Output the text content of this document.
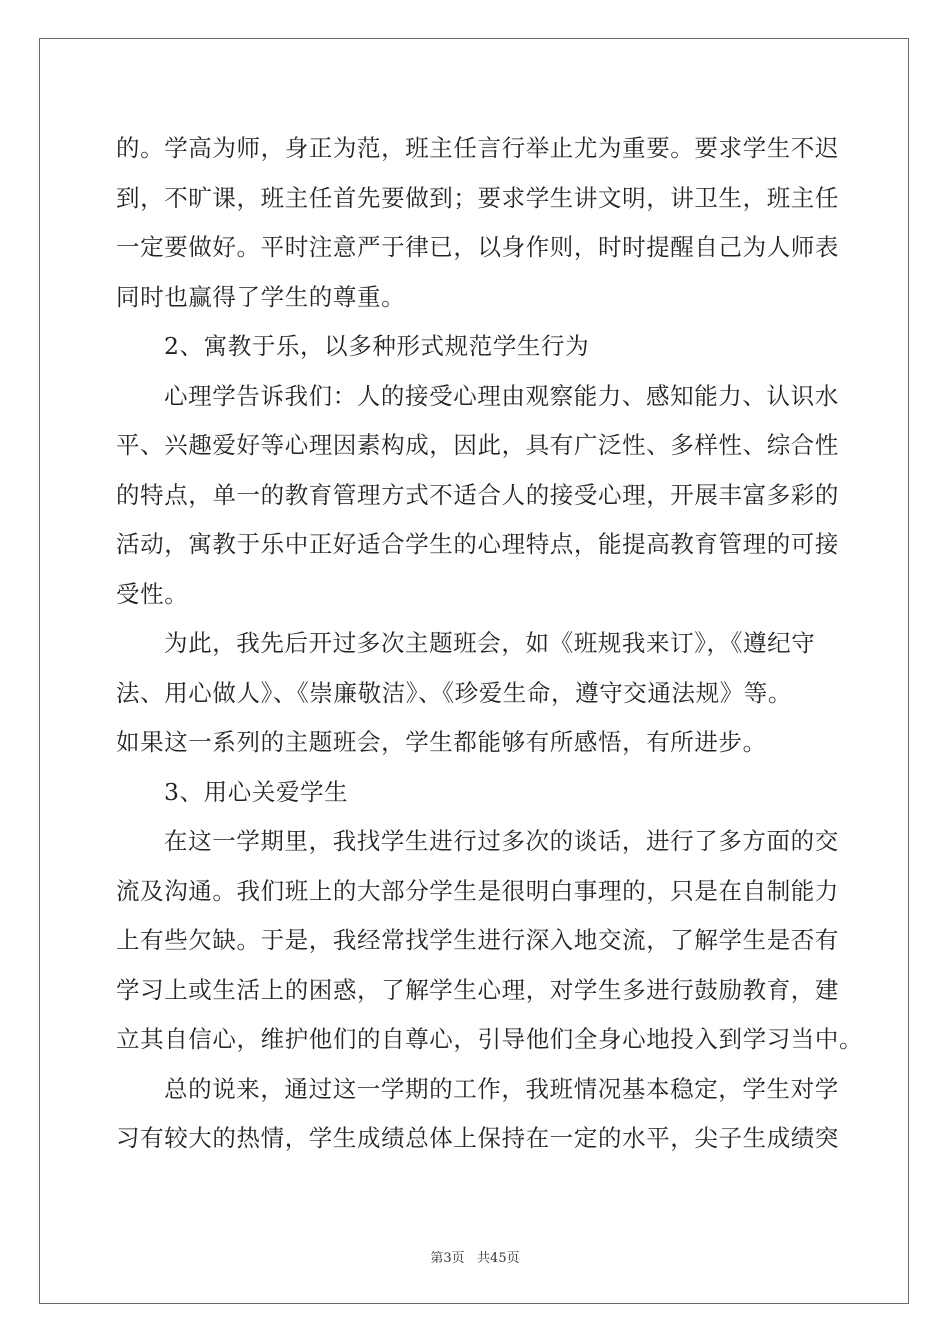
的。学高为师，身正为范，班主任言行举止尤为重要。要求学生不迟
到，不旷课，班主任首先要做到；要求学生讲文明，讲卫生，班主任
一定要做好。平时注意严于律已，以身作则，时时提醒自己为人师表
同时也赢得了学生的尊重。
2、寓教于乐，以多种形式规范学生行为
心理学告诉我们：人的接受心理由观察能力、感知能力、认识水
平、兴趣爱好等心理因素构成，因此，具有广泛性、多样性、综合性
的特点，单一的教育管理方式不适合人的接受心理，开展丰富多彩的
活动，寓教于乐中正好适合学生的心理特点，能提高教育管理的可接
受性。
为此，我先后开过多次主题班会，如《班规我来订》，《遵纪守
法、用心做人》、《崇廉敬洁》、《珍爱生命，遵守交通法规》等。
如果这一系列的主题班会，学生都能够有所感悟，有所进步。
3、用心关爱学生
在这一学期里，我找学生进行过多次的谈话，进行了多方面的交
流及沟通。我们班上的大部分学生是很明白事理的，只是在自制能力
上有些欠缺。于是，我经常找学生进行深入地交流，了解学生是否有
学习上或生活上的困惑，了解学生心理，对学生多进行鼓励教育，建
立其自信心，维护他们的自尊心，引导他们全身心地投入到学习当中。
总的说来，通过这一学期的工作，我班情况基本稳定，学生对学
习有较大的热情，学生成绩总体上保持在一定的水平，尖子生成绩突
第3页   共45页
